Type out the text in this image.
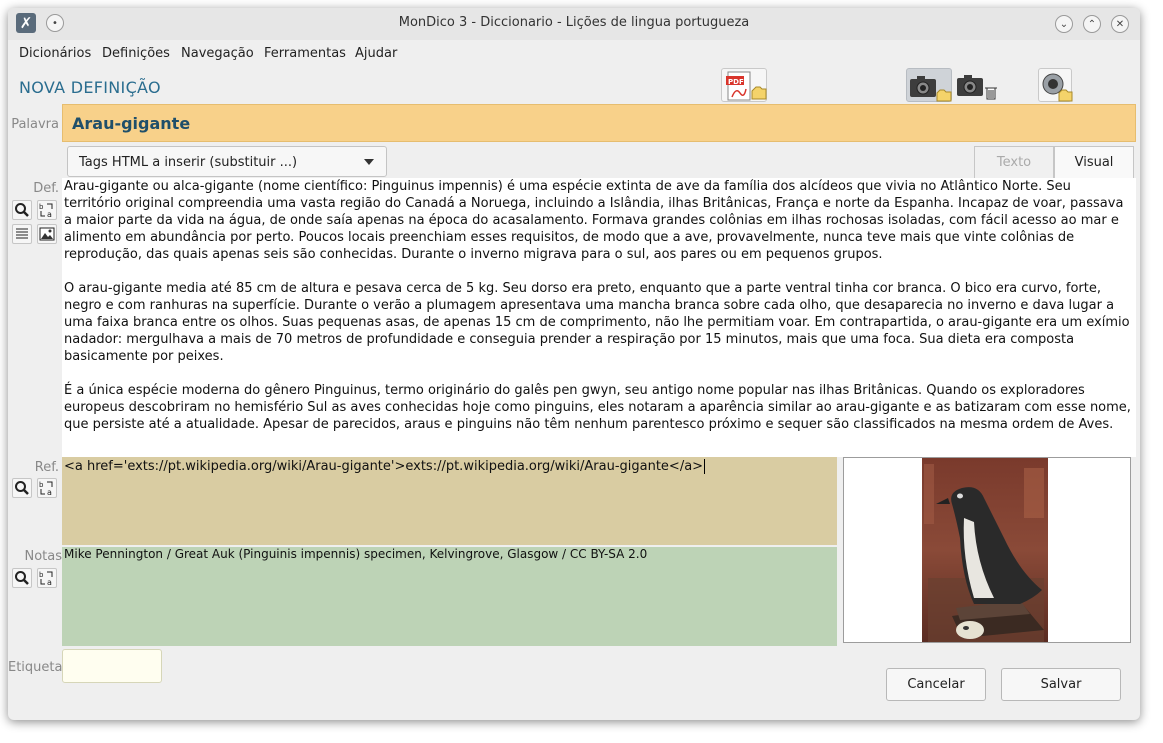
MonDico 3 - Diccionario - Lições de lingua portugueza
✗	•	⌄	⌃	✕
Dicionários Definições Navegação Ferramentas Ajudar
NOVA DEFINIÇÃO	PDF
Palavra Arau-gigante
Tags HTML a inserir (substituir ...)	Texto	Visual
Def.
b
a

Arau-gigante ou alca-gigante (nome científico: Pinguinus impennis) é uma espécie extinta de ave da família dos alcídeos que vivia no Atlântico Norte. Seu território original compreendia uma vasta região do Canadá a Noruega, incluindo a Islândia, ilhas Britânicas, França e norte da Espanha. Incapaz de voar, passava a maior parte da vida na água, de onde saía apenas na época do acasalamento. Formava grandes colônias em ilhas rochosas isoladas, com fácil acesso ao mar e alimento em abundância por perto. Poucos locais preenchiam esses requisitos, de modo que a ave, provavelmente, nunca teve mais que vinte colônias de reprodução, das quais apenas seis são conhecidas. Durante o inverno migrava para o sul, aos pares ou em pequenos grupos.

O arau-gigante media até 85 cm de altura e pesava cerca de 5 kg. Seu dorso era preto, enquanto que a parte ventral tinha cor branca. O bico era curvo, forte, negro e com ranhuras na superfície. Durante o verão a plumagem apresentava uma mancha branca sobre cada olho, que desaparecia no inverno e dava lugar a uma faixa branca entre os olhos. Suas pequenas asas, de apenas 15 cm de comprimento, não lhe permitiam voar. Em contrapartida, o arau-gigante era um exímio nadador: mergulhava a mais de 70 metros de profundidade e conseguia prender a respiração por 15 minutos, mais que uma foca. Sua dieta era composta basicamente por peixes.

É a única espécie moderna do gênero Pinguinus, termo originário do galês pen gwyn, seu antigo nome popular nas ilhas Britânicas. Quando os exploradores europeus descobriram no hemisfério Sul as aves conhecidas hoje como pinguins, eles notaram a aparência similar ao arau-gigante e as batizaram com esse nome, que persiste até a atualidade. Apesar de parecidos, araus e pinguins não têm nenhum parentesco próximo e sequer são classificados na mesma ordem de Aves.

Ref.
b
a
<a href='exts://pt.wikipedia.org/wiki/Arau-gigante'>exts://pt.wikipedia.org/wiki/Arau-gigante</a>
Notas
b
a
Mike Pennington / Great Auk (Pinguinis impennis) specimen, Kelvingrove, Glasgow / CC BY-SA 2.0
Etiqueta
Cancelar	Salvar
